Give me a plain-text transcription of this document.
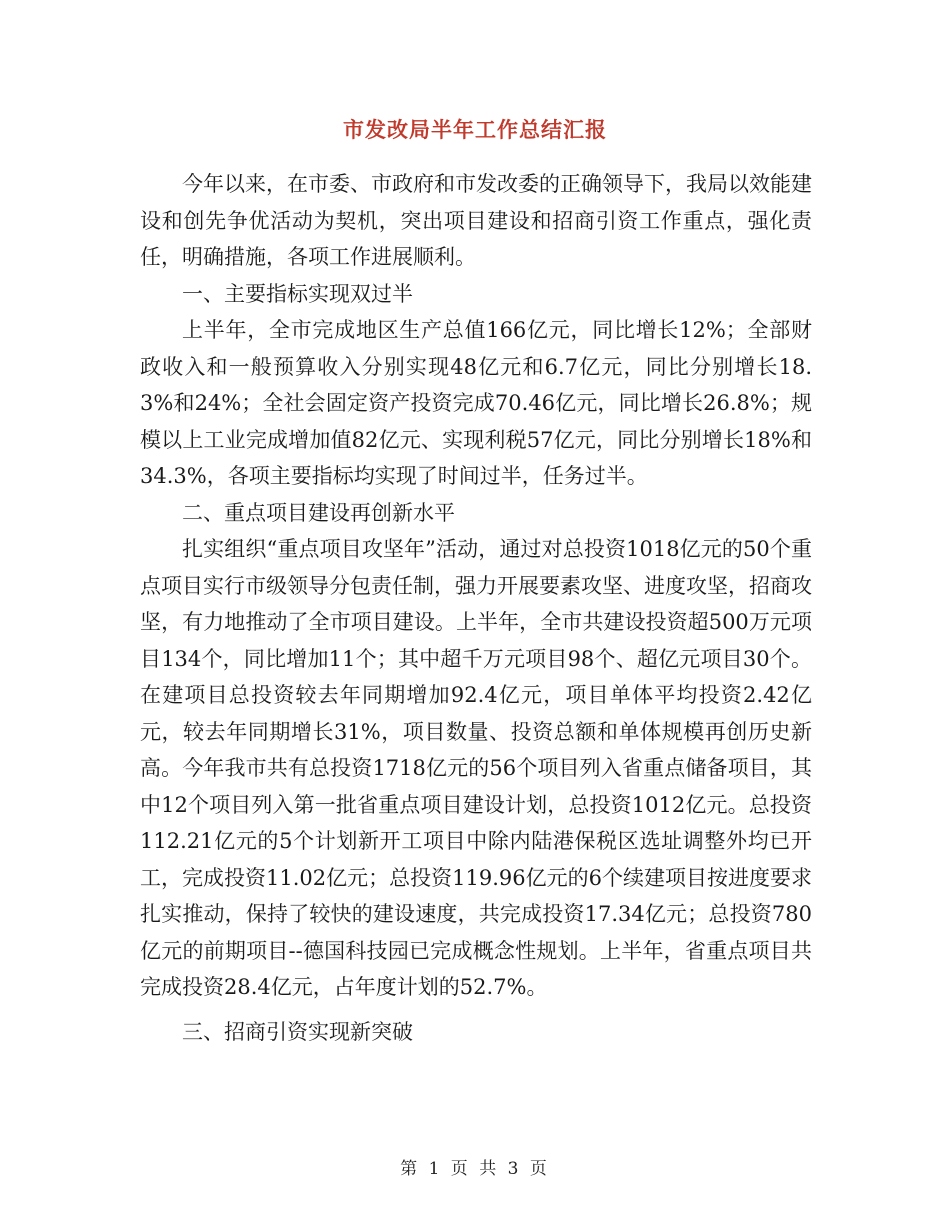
市发改局半年工作总结汇报

今年以来，在市委、市政府和市发改委的正确领导下，我局以效能建设和创先争优活动为契机，突出项目建设和招商引资工作重点，强化责任，明确措施，各项工作进展顺利。

一、主要指标实现双过半

上半年，全市完成地区生产总值166亿元，同比增长12%；全部财政收入和一般预算收入分别实现48亿元和6.7亿元，同比分别增长18.3%和24%；全社会固定资产投资完成70.46亿元，同比增长26.8%；规模以上工业完成增加值82亿元、实现利税57亿元，同比分别增长18%和34.3%，各项主要指标均实现了时间过半，任务过半。

二、重点项目建设再创新水平

扎实组织“重点项目攻坚年”活动，通过对总投资1018亿元的50个重点项目实行市级领导分包责任制，强力开展要素攻坚、进度攻坚，招商攻坚，有力地推动了全市项目建设。上半年，全市共建设投资超500万元项目134个，同比增加11个；其中超千万元项目98个、超亿元项目30个。在建项目总投资较去年同期增加92.4亿元，项目单体平均投资2.42亿元，较去年同期增长31%，项目数量、投资总额和单体规模再创历史新高。今年我市共有总投资1718亿元的56个项目列入省重点储备项目，其中12个项目列入第一批省重点项目建设计划，总投资1012亿元。总投资112.21亿元的5个计划新开工项目中除内陆港保税区选址调整外均已开工，完成投资11.02亿元；总投资119.96亿元的6个续建项目按进度要求扎实推动，保持了较快的建设速度，共完成投资17.34亿元；总投资780亿元的前期项目--德国科技园已完成概念性规划。上半年，省重点项目共完成投资28.4亿元，占年度计划的52.7%。

三、招商引资实现新突破

第 1 页 共 3 页
